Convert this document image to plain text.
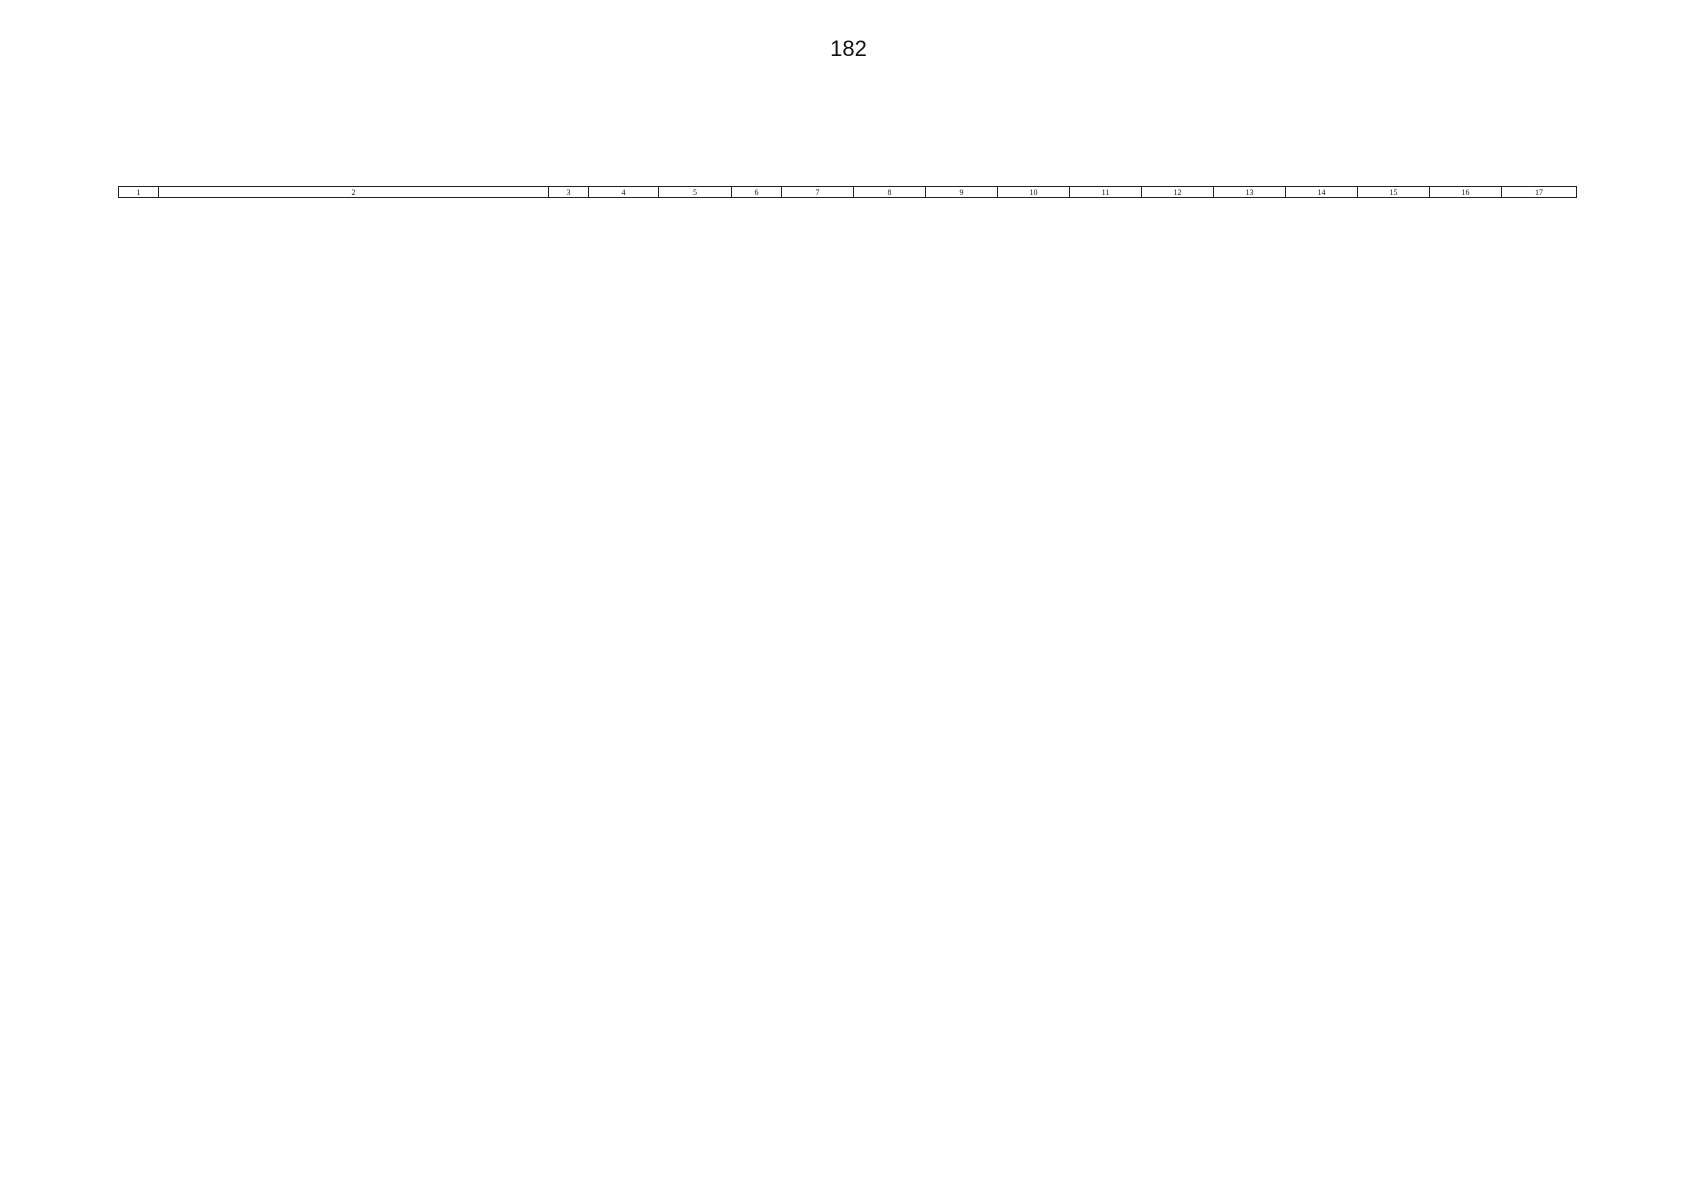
182
1	2	3	4	5	6	7	8	9	10	11	12	13	14	15	16	17
